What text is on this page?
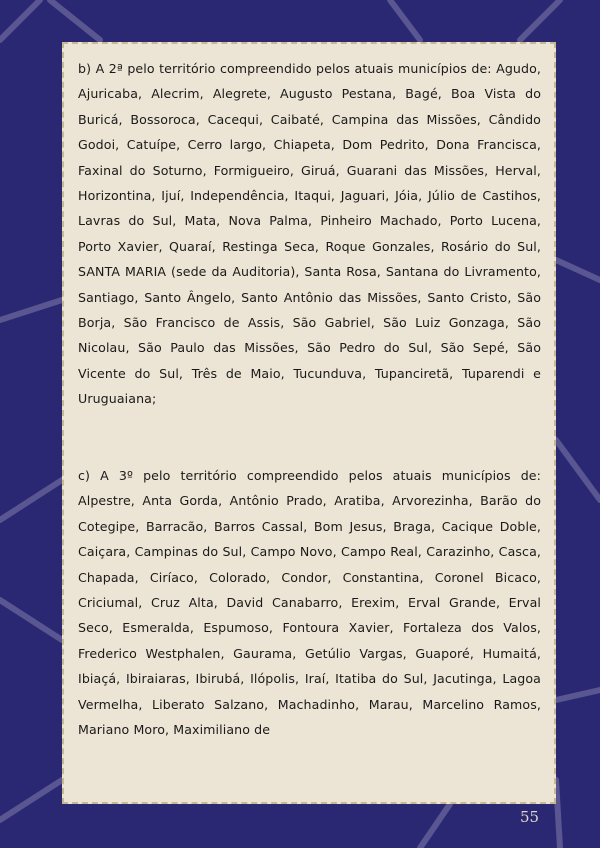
b) A 2ª pelo território compreendido pelos atuais municípios de: Agudo, Ajuricaba, Alecrim, Alegrete, Augusto Pestana, Bagé, Boa Vista do Buricá, Bossoroca, Cacequi, Caibaté, Campina das Missões, Cândido Godoi, Catuípe, Cerro largo, Chiapeta, Dom Pedrito, Dona Francisca, Faxinal do Soturno, Formigueiro, Giruá, Guarani das Missões, Herval, Horizontina, Ijuí, Independência, Itaqui, Jaguari, Jóia, Júlio de Castihos, Lavras do Sul, Mata, Nova Palma, Pinheiro Machado, Porto Lucena, Porto Xavier, Quaraí, Restinga Seca, Roque Gonzales, Rosário do Sul, SANTA MARIA (sede da Auditoria), Santa Rosa, Santana do Livramento, Santiago, Santo Ângelo, Santo Antônio das Missões, Santo Cristo, São Borja, São Francisco de Assis, São Gabriel, São Luiz Gonzaga, São Nicolau, São Paulo das Missões, São Pedro do Sul, São Sepé, São Vicente do Sul, Três de Maio, Tucunduva, Tupanciretã, Tuparendi e Uruguaiana;

c) A 3º pelo território compreendido pelos atuais municípios de: Alpestre, Anta Gorda, Antônio Prado, Aratiba, Arvorezinha, Barão do Cotegipe, Barracão, Barros Cassal, Bom Jesus, Braga, Cacique Doble, Caiçara, Campinas do Sul, Campo Novo, Campo Real, Carazinho, Casca, Chapada, Ciríaco, Colorado, Condor, Constantina, Coronel Bicaco, Criciumal, Cruz Alta, David Canabarro, Erexim, Erval Grande, Erval Seco, Esmeralda, Espumoso, Fontoura Xavier, Fortaleza dos Valos, Frederico Westphalen, Gaurama, Getúlio Vargas, Guaporé, Humaitá, Ibiaçá, Ibiraiaras, Ibirubá, Ilópolis, Iraí, Itatiba do Sul, Jacutinga, Lagoa Vermelha, Liberato Salzano, Machadinho, Marau, Marcelino Ramos, Mariano Moro, Maximiliano de

55
